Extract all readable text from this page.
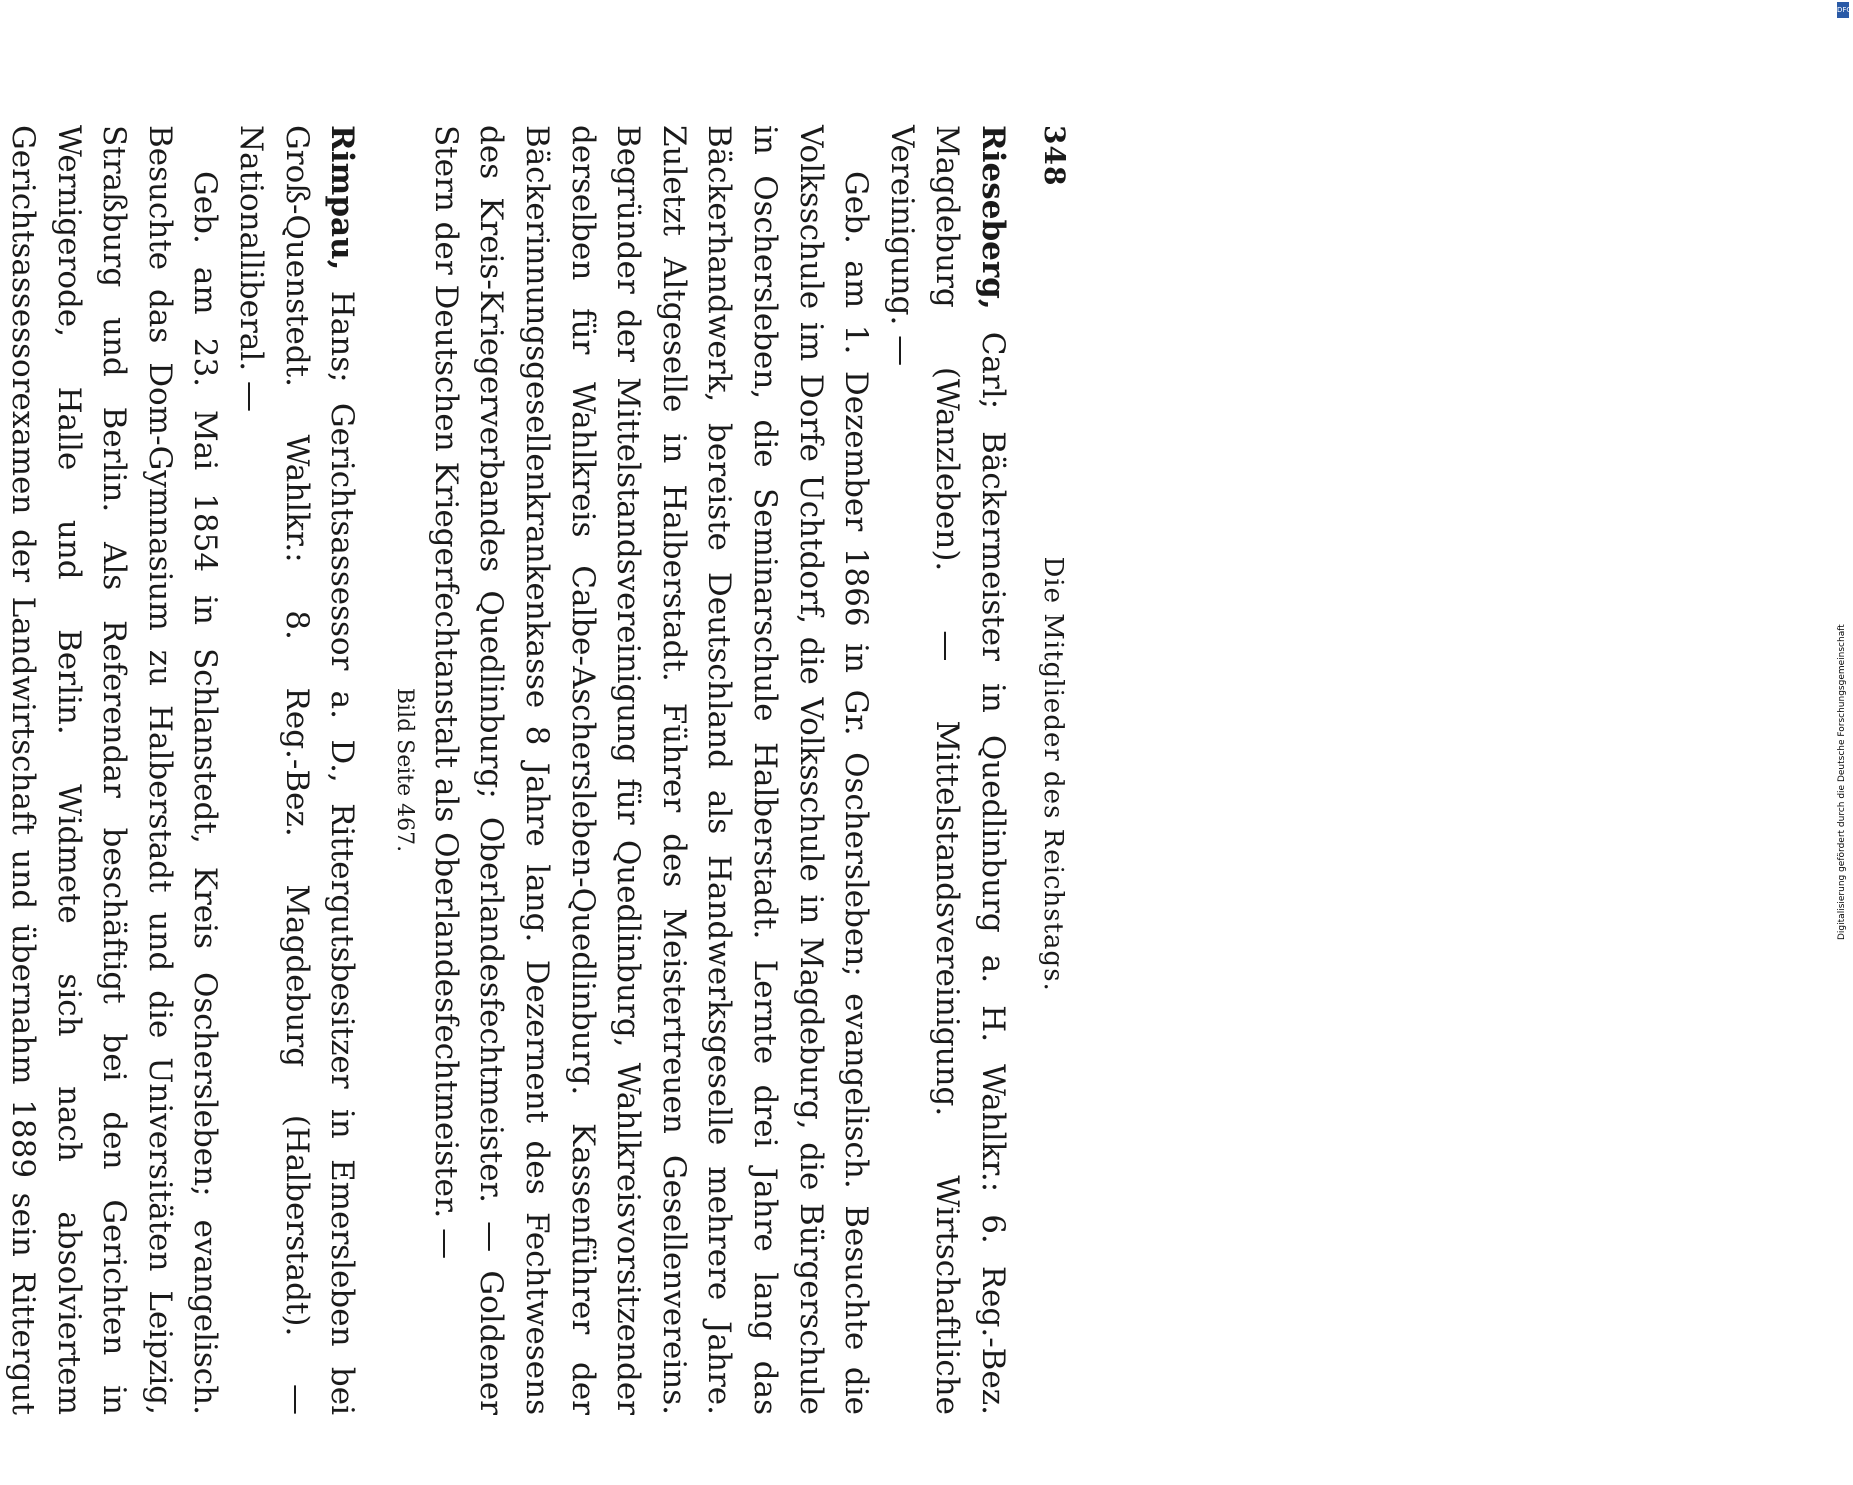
348
Die Mitglieder des Reichstags.

Rieseberg, Carl; Bäckermeister in Quedlinburg a. H. Wahlkr.: 6. Reg.-Bez. Magdeburg (Wanzleben). — Mittelstandsvereinigung. Wirtschaftliche Vereinigung. —

Geb. am 1. Dezember 1866 in Gr. Oschersleben; evangelisch. Besuchte die Volksschule im Dorfe Uchtdorf, die Volksschule in Magdeburg, die Bürgerschule in Oschersleben, die Seminarschule Halberstadt. Lernte drei Jahre lang das Bäckerhandwerk, bereiste Deutschland als Handwerksgeselle mehrere Jahre. Zuletzt Altgeselle in Halberstadt. Führer des Meistertreuen Gesellenvereins. Begründer der Mittelstandsvereinigung für Quedlinburg, Wahlkreisvorsitzender derselben für Wahlkreis Calbe-Aschersleben-Quedlinburg. Kassenführer der Bäckerinnungsgesellenkrankenkasse 8 Jahre lang. Dezernent des Fechtwesens des Kreis-Kriegerverbandes Quedlinburg; Oberlandesfechtmeister. — Goldener Stern der Deutschen Kriegerfechtanstalt als Oberlandesfechtmeister. —

Bild Seite 467.

Rimpau, Hans; Gerichtsassessor a. D., Rittergutsbesitzer in Emersleben bei Groß-Quenstedt. Wahlkr.: 8. Reg.-Bez. Magdeburg (Halberstadt). — Nationalliberal. —

Geb. am 23. Mai 1854 in Schlanstedt, Kreis Oschersleben; evangelisch. Besuchte das Dom-Gymnasium zu Halberstadt und die Universitäten Leipzig, Straßburg und Berlin. Als Referendar beschäftigt bei den Gerichten in Wernigerode, Halle und Berlin. Widmete sich nach absolviertem Gerichtsassessorexamen der Landwirtschaft und übernahm 1889 sein Rittergut

Digitalisierung gefördert durch die Deutsche Forschungsgemeinschaft
DFG
